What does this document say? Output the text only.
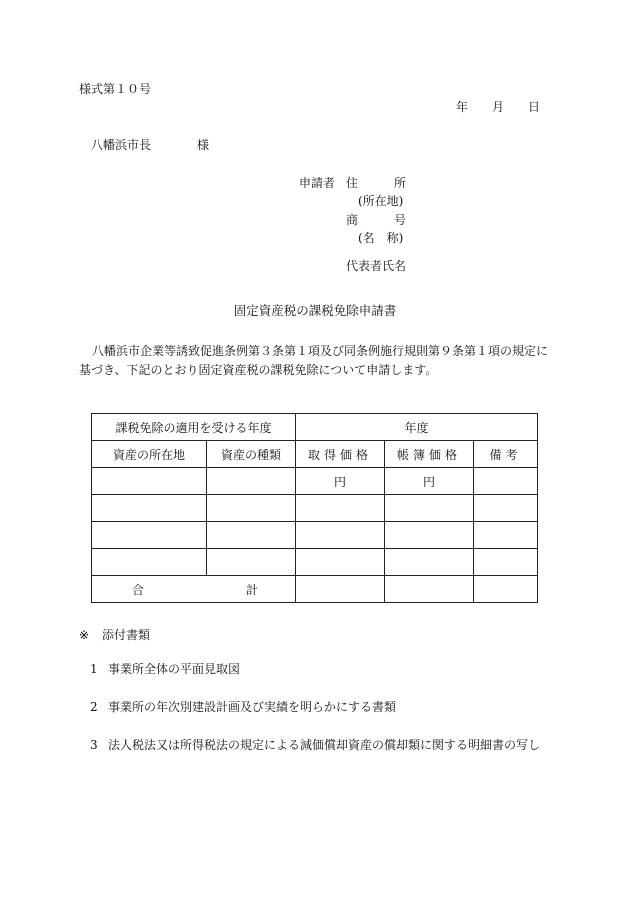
様式第１０号
年 月 日
八幡浜市長	様
申請者 住　　　所
(所在地)
商　　　号
(名　称)
代表者氏名
固定資産税の課税免除申請書
八幡浜市企業等誘致促進条例第３条第１項及び同条例施行規則第９条第１項の規定に基づき、下記のとおり固定資産税の課税免除について申請します。
課税免除の適用を受ける年度		年度		
資産の所在地	資産の種類	取得価格	帳簿価格	備考
		円	円	

合 計				

※ 添付書類
1 事業所全体の平面見取図
2 事業所の年次別建設計画及び実績を明らかにする書類
3 法人税法又は所得税法の規定による減価償却資産の償却類に関する明細書の写し
